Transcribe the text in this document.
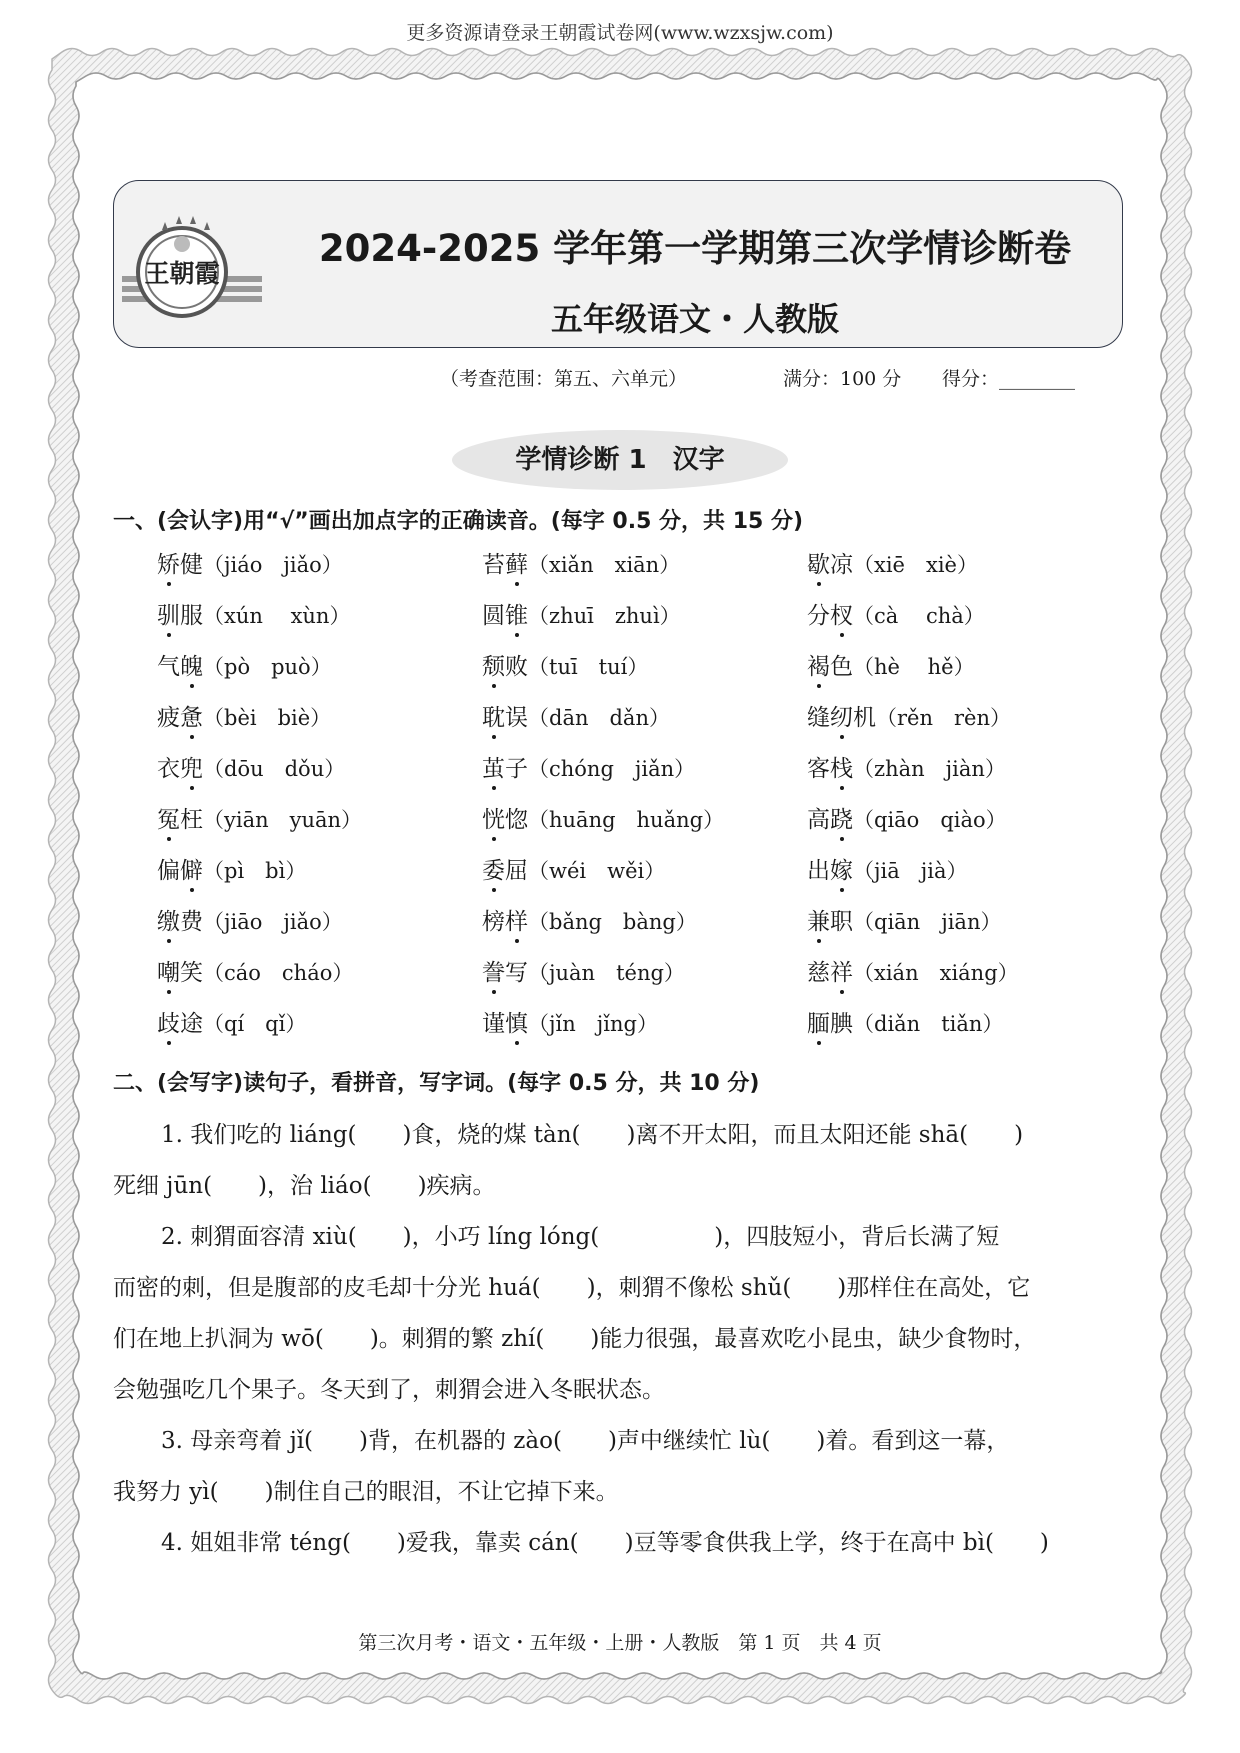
更多资源请登录王朝霞试卷网(www.wzxsjw.com)
王朝霞
2024-2025 学年第一学期第三次学情诊断卷
五年级语文・人教版
（考查范围：第五、六单元）	满分：100 分 得分：________
学情诊断 1　汉字
一、(会认字)用“√”画出加点字的正确读音。(每字 0.5 分，共 15 分)
矫健（jiáo　jiǎo）	苔藓（xiǎn　xiān）	歇凉（xiē　xiè）
驯服（xún　 xùn）	圆锥（zhuī　zhuì）	分杈（cà　 chà）
气魄（pò　può）	颓败（tuī　tuí）	褐色（hè　 hě）
疲惫（bèi　biè）	耽误（dān　dǎn）	缝纫机（rěn　rèn）
衣兜（dōu　dǒu）	茧子（chóng　jiǎn）	客栈（zhàn　jiàn）
冤枉（yiān　yuān）	恍惚（huāng　huǎng）	高跷（qiāo　qiào）
偏僻（pì　bì）	委屈（wéi　wěi）	出嫁（jiā　jià）
缴费（jiāo　jiǎo）	榜样（bǎng　bàng）	兼职（qiān　jiān）
嘲笑（cáo　cháo）	誊写（juàn　téng）	慈祥（xián　xiáng）
歧途（qí　qǐ）	谨慎（jǐn　jǐng）	腼腆（diǎn　tiǎn）
二、(会写字)读句子，看拼音，写字词。(每字 0.5 分，共 10 分)
1. 我们吃的 liáng(　　)食，烧的煤 tàn(　　)离不开太阳，而且太阳还能 shā(　　)
死细 jūn(　　)，治 liáo(　　)疾病。
2. 刺猬面容清 xiù(　　)，小巧 líng lóng(　　　　　)，四肢短小，背后长满了短
而密的刺，但是腹部的皮毛却十分光 huá(　　)，刺猬不像松 shǔ(　　)那样住在高处，它
们在地上扒洞为 wō(　　)。刺猬的繁 zhí(　　)能力很强，最喜欢吃小昆虫，缺少食物时，
会勉强吃几个果子。冬天到了，刺猬会进入冬眠状态。
3. 母亲弯着 jǐ(　　)背，在机器的 zào(　　)声中继续忙 lù(　　)着。看到这一幕，
我努力 yì(　　)制住自己的眼泪，不让它掉下来。
4. 姐姐非常 téng(　　)爱我，靠卖 cán(　　)豆等零食供我上学，终于在高中 bì(　　)
第三次月考・语文・五年级・上册・人教版　第 1 页　共 4 页
